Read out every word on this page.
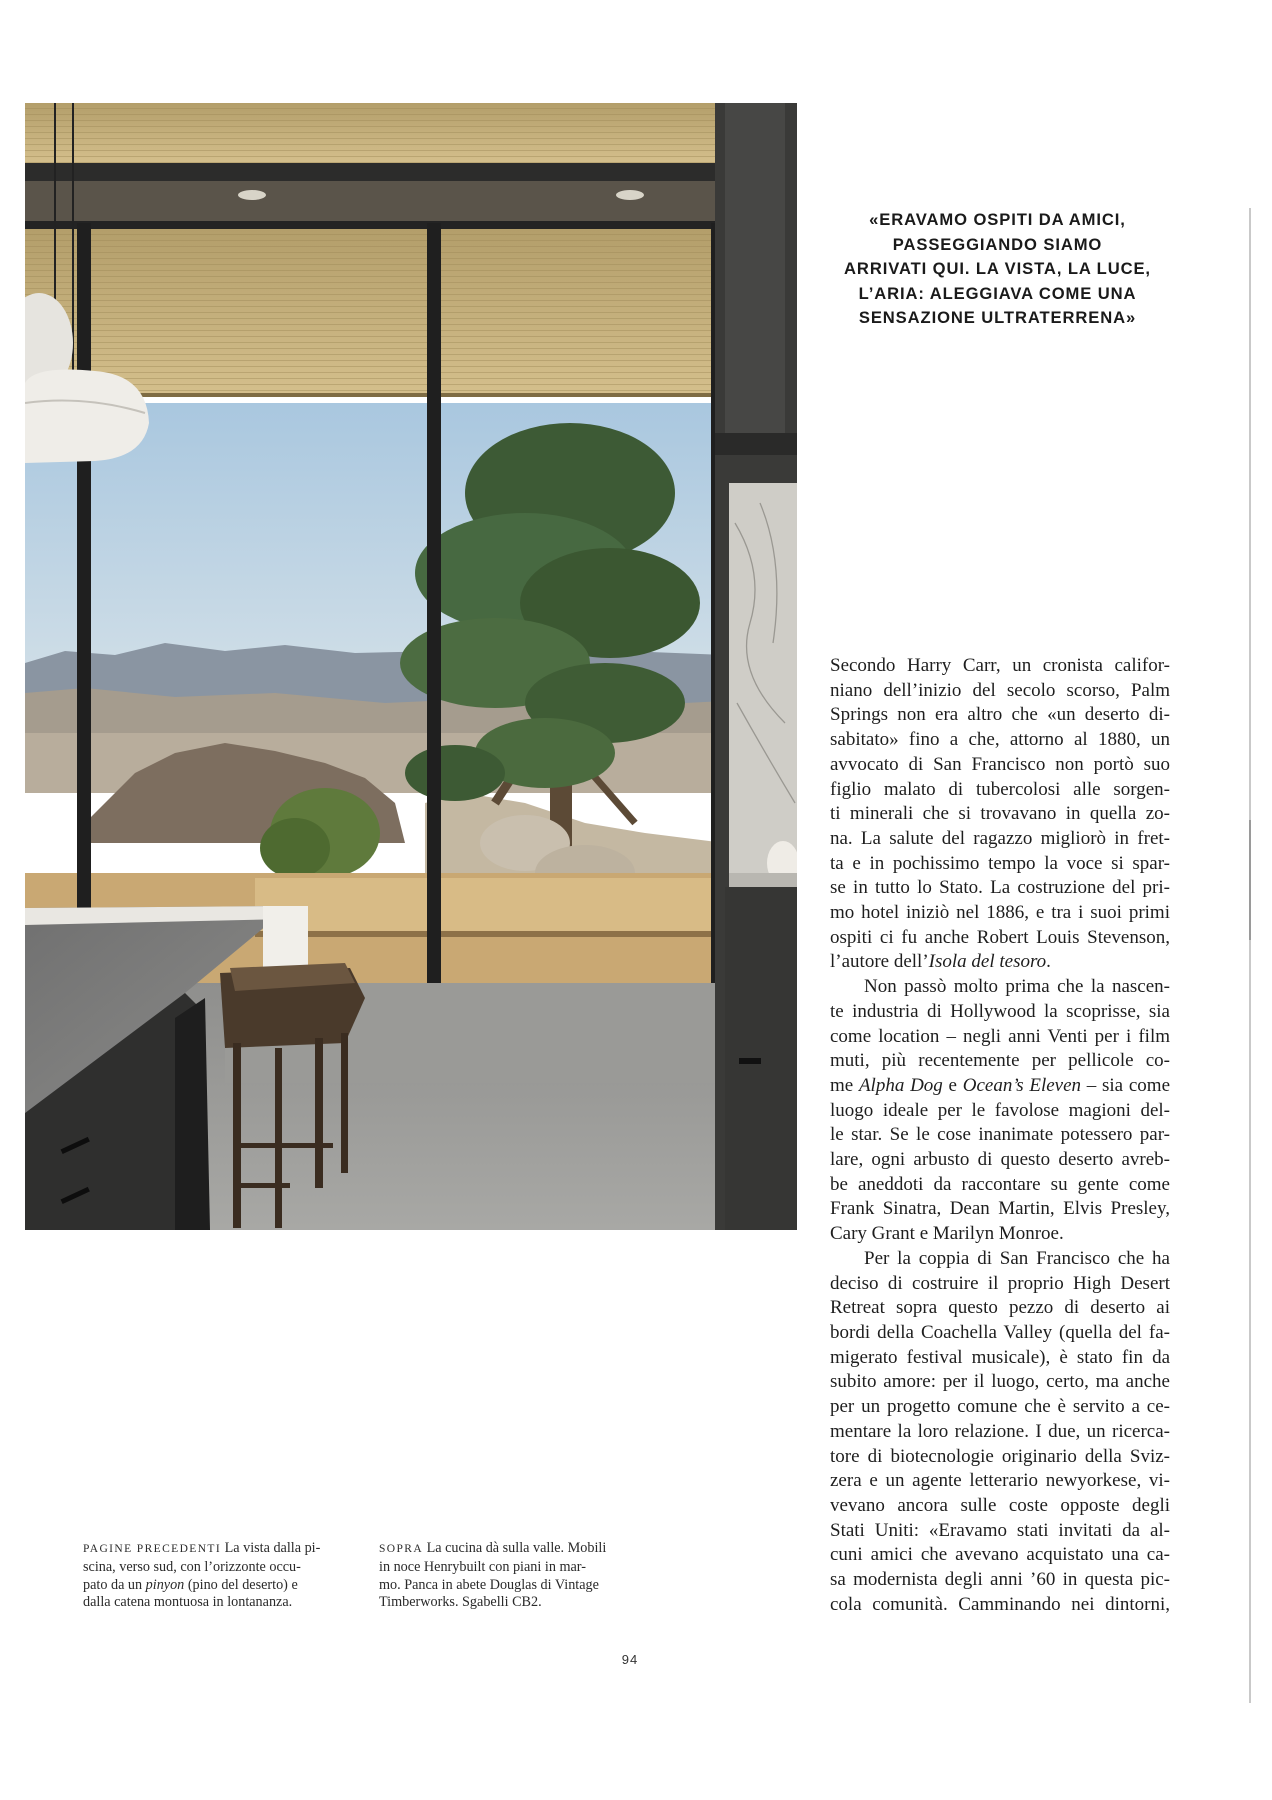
«ERAVAMO OSPITI DA AMICI,
PASSEGGIANDO SIAMO
ARRIVATI QUI. LA VISTA, LA LUCE,
L’ARIA: ALEGGIAVA COME UNA
SENSAZIONE ULTRATERRENA»
Secondo Harry Carr, un cronista califor-
niano dell’inizio del secolo scorso, Palm
Springs non era altro che «un deserto di-
sabitato» fino a che, attorno al 1880, un
avvocato di San Francisco non portò suo
figlio malato di tubercolosi alle sorgen-
ti minerali che si trovavano in quella zo-
na. La salute del ragazzo migliorò in fret-
ta e in pochissimo tempo la voce si spar-
se in tutto lo Stato. La costruzione del pri-
mo hotel iniziò nel 1886, e tra i suoi primi
ospiti ci fu anche Robert Louis Stevenson,
l’autore dell’Isola del tesoro.
Non passò molto prima che la nascen-
te industria di Hollywood la scoprisse, sia
come location – negli anni Venti per i film
muti, più recentemente per pellicole co-
me Alpha Dog e Ocean’s Eleven – sia come
luogo ideale per le favolose magioni del-
le star. Se le cose inanimate potessero par-
lare, ogni arbusto di questo deserto avreb-
be aneddoti da raccontare su gente come
Frank Sinatra, Dean Martin, Elvis Presley,
Cary Grant e Marilyn Monroe.
Per la coppia di San Francisco che ha
deciso di costruire il proprio High Desert
Retreat sopra questo pezzo di deserto ai
bordi della Coachella Valley (quella del fa-
migerato festival musicale), è stato fin da
subito amore: per il luogo, certo, ma anche
per un progetto comune che è servito a ce-
mentare la loro relazione. I due, un ricerca-
tore di biotecnologie originario della Sviz-
zera e un agente letterario newyorkese, vi-
vevano ancora sulle coste opposte degli
Stati Uniti: «Eravamo stati invitati da al-
cuni amici che avevano acquistato una ca-
sa modernista degli anni ’60 in questa pic-
cola comunità. Camminando nei dintorni,
PAGINE PRECEDENTI La vista dalla pi-
scina, verso sud, con l’orizzonte occu-
pato da un pinyon (pino del deserto) e
dalla catena montuosa in lontananza.
SOPRA La cucina dà sulla valle. Mobili
in noce Henrybuilt con piani in mar-
mo. Panca in abete Douglas di Vintage
Timberworks. Sgabelli CB2.
94
